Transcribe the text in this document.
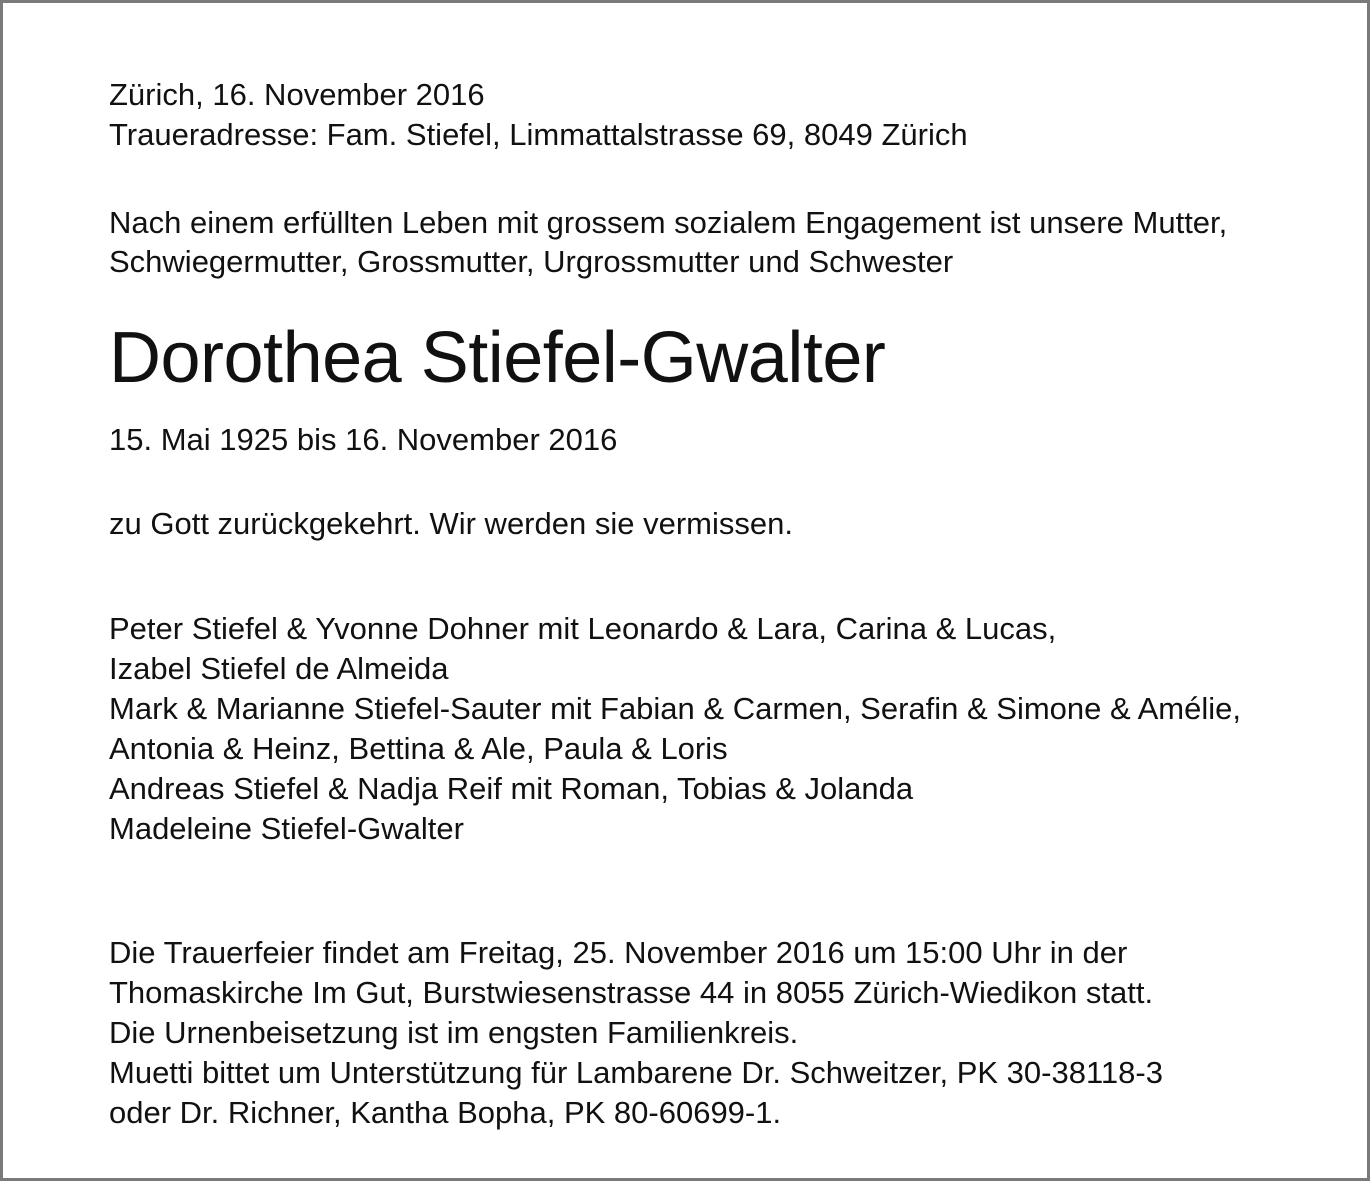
Zürich, 16. November 2016
Traueradresse: Fam. Stiefel, Limmattalstrasse 69, 8049 Zürich
Nach einem erfüllten Leben mit grossem sozialem Engagement ist unsere Mutter,
Schwiegermutter, Grossmutter, Urgrossmutter und Schwester
Dorothea Stiefel-Gwalter
15. Mai 1925 bis 16. November 2016
zu Gott zurückgekehrt. Wir werden sie vermissen.
Peter Stiefel & Yvonne Dohner mit Leonardo & Lara, Carina & Lucas,
Izabel Stiefel de Almeida
Mark & Marianne Stiefel-Sauter mit Fabian & Carmen, Serafin & Simone & Amélie,
Antonia & Heinz, Bettina & Ale, Paula & Loris
Andreas Stiefel & Nadja Reif mit Roman, Tobias & Jolanda
Madeleine Stiefel-Gwalter
Die Trauerfeier findet am Freitag, 25. November 2016 um 15:00 Uhr in der
Thomaskirche Im Gut, Burstwiesenstrasse 44 in 8055 Zürich-Wiedikon statt.
Die Urnenbeisetzung ist im engsten Familienkreis.
Muetti bittet um Unterstützung für Lambarene Dr. Schweitzer, PK 30-38118-3
oder Dr. Richner, Kantha Bopha, PK 80-60699-1.
